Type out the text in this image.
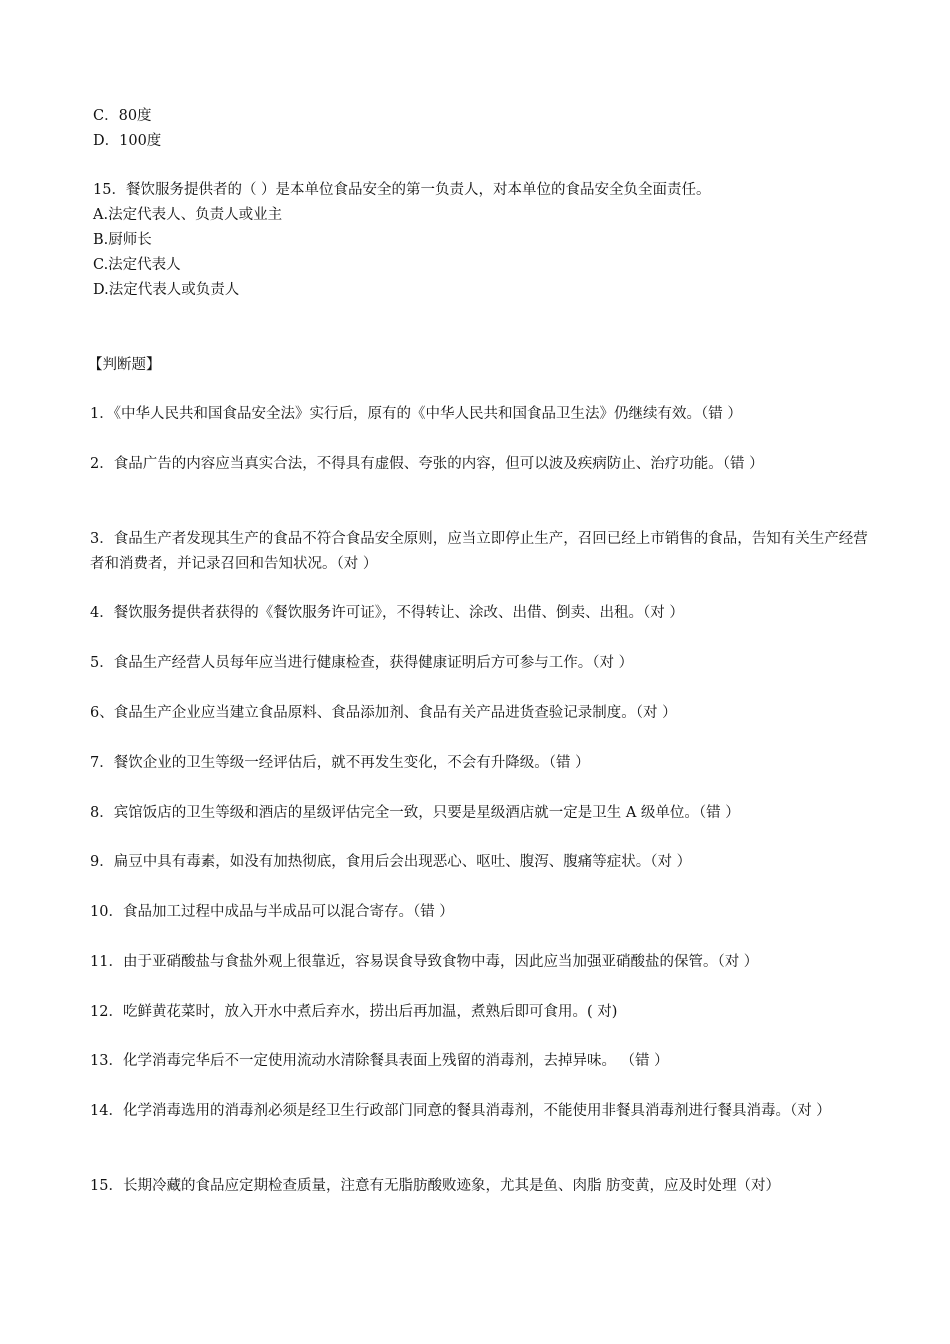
C．80度
D．100度
15．餐饮服务提供者的（ ）是本单位食品安全的第一负责人，对本单位的食品安全负全面责任。
A.法定代表人、负责人或业主
B.厨师长
C.法定代表人
D.法定代表人或负责人
【判断题】
1．《中华人民共和国食品安全法》实行后，原有的《中华人民共和国食品卫生法》仍继续有效。（错 ）
2．食品广告的内容应当真实合法，不得具有虚假、夸张的内容，但可以波及疾病防止、治疗功能。（错 ）
3．食品生产者发现其生产的食品不符合食品安全原则，应当立即停止生产，召回已经上市销售的食品，告知有关生产经营者和消费者，并记录召回和告知状况。（对 ）
4．餐饮服务提供者获得的《餐饮服务许可证》，不得转让、涂改、出借、倒卖、出租。（对 ）
5．食品生产经营人员每年应当进行健康检查，获得健康证明后方可参与工作。（对 ）
6、食品生产企业应当建立食品原料、食品添加剂、食品有关产品进货查验记录制度。（对 ）
7．餐饮企业的卫生等级一经评估后，就不再发生变化，不会有升降级。（错 ）
8．宾馆饭店的卫生等级和酒店的星级评估完全一致，只要是星级酒店就一定是卫生 A 级单位。（错 ）
9．扁豆中具有毒素，如没有加热彻底，食用后会出现恶心、呕吐、腹泻、腹痛等症状。（对 ）
10．食品加工过程中成品与半成品可以混合寄存。（错 ）
11．由于亚硝酸盐与食盐外观上很靠近，容易误食导致食物中毒，因此应当加强亚硝酸盐的保管。（对 ）
12．吃鲜黄花菜时，放入开水中煮后弃水，捞出后再加温，煮熟后即可食用。( 对)
13．化学消毒完华后不一定使用流动水清除餐具表面上残留的消毒剂，去掉异味。 （错 ）
14．化学消毒选用的消毒剂必须是经卫生行政部门同意的餐具消毒剂，不能使用非餐具消毒剂进行餐具消毒。（对 ）
15．长期冷藏的食品应定期检查质量，注意有无脂肪酸败迹象，尤其是鱼、肉脂 肪变黄，应及时处理（对）
